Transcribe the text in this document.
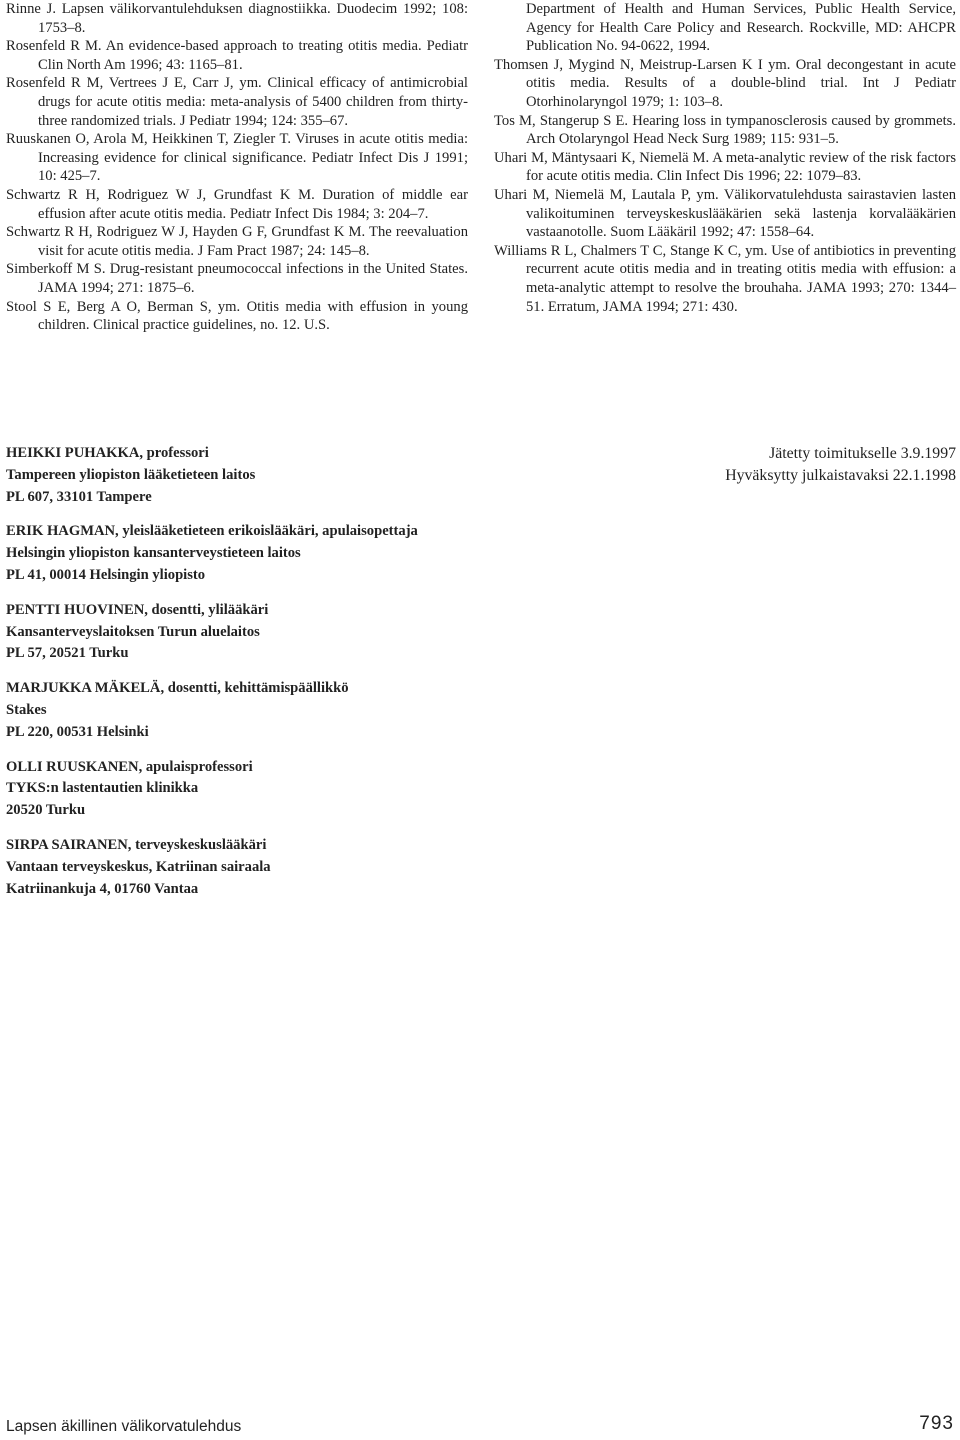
Rinne J. Lapsen välikorvantulehduksen diagnostiikka. Duodecim 1992; 108: 1753–8.

Rosenfeld R M. An evidence-based approach to treating otitis media. Pediatr Clin North Am 1996; 43: 1165–81.

Rosenfeld R M, Vertrees J E, Carr J, ym. Clinical efficacy of antimicrobial drugs for acute otitis media: meta-analysis of 5400 children from thirty-three randomized trials. J Pediatr 1994; 124: 355–67.

Ruuskanen O, Arola M, Heikkinen T, Ziegler T. Viruses in acute otitis media: Increasing evidence for clinical significance. Pediatr Infect Dis J 1991; 10: 425–7.

Schwartz R H, Rodriguez W J, Grundfast K M. Duration of middle ear effusion after acute otitis media. Pediatr Infect Dis 1984; 3: 204–7.

Schwartz R H, Rodriguez W J, Hayden G F, Grundfast K M. The reevaluation visit for acute otitis media. J Fam Pract 1987; 24: 145–8.

Simberkoff M S. Drug-resistant pneumococcal infections in the United States. JAMA 1994; 271: 1875–6.

Stool S E, Berg A O, Berman S, ym. Otitis media with effusion in young children. Clinical practice guidelines, no. 12. U.S.

Department of Health and Human Services, Public Health Service, Agency for Health Care Policy and Research. Rockville, MD: AHCPR Publication No. 94-0622, 1994.

Thomsen J, Mygind N, Meistrup-Larsen K I ym. Oral decongestant in acute otitis media. Results of a double-blind trial. Int J Pediatr Otorhinolaryngol 1979; 1: 103–8.

Tos M, Stangerup S E. Hearing loss in tympanosclerosis caused by grommets. Arch Otolaryngol Head Neck Surg 1989; 115: 931–5.

Uhari M, Mäntysaari K, Niemelä M. A meta-analytic review of the risk factors for acute otitis media. Clin Infect Dis 1996; 22: 1079–83.

Uhari M, Niemelä M, Lautala P, ym. Välikorvatulehdusta sairastavien lasten valikoituminen terveyskeskuslääkärien sekä lastenja korvalääkärien vastaanotolle. Suom Lääkäril 1992; 47: 1558–64.

Williams R L, Chalmers T C, Stange K C, ym. Use of antibiotics in preventing recurrent acute otitis media and in treating otitis media with effusion: a meta-analytic attempt to resolve the brouhaha. JAMA 1993; 270: 1344–51. Erratum, JAMA 1994; 271: 430.

HEIKKI PUHAKKA, professori
Tampereen yliopiston lääketieteen laitos
PL 607, 33101 Tampere
ERIK HAGMAN, yleislääketieteen erikoislääkäri, apulaisopettaja
Helsingin yliopiston kansanterveystieteen laitos
PL 41, 00014 Helsingin yliopisto
PENTTI HUOVINEN, dosentti, ylilääkäri
Kansanterveyslaitoksen Turun aluelaitos
PL 57, 20521 Turku
MARJUKKA MÄKELÄ, dosentti, kehittämispäällikkö
Stakes
PL 220, 00531 Helsinki
OLLI RUUSKANEN, apulaisprofessori
TYKS:n lastentautien klinikka
20520 Turku
SIRPA SAIRANEN, terveyskeskuslääkäri
Vantaan terveyskeskus, Katriinan sairaala
Katriinankuja 4, 01760 Vantaa
Jätetty toimitukselle 3.9.1997
Hyväksytty julkaistavaksi 22.1.1998
Lapsen äkillinen välikorvatulehdus	793
